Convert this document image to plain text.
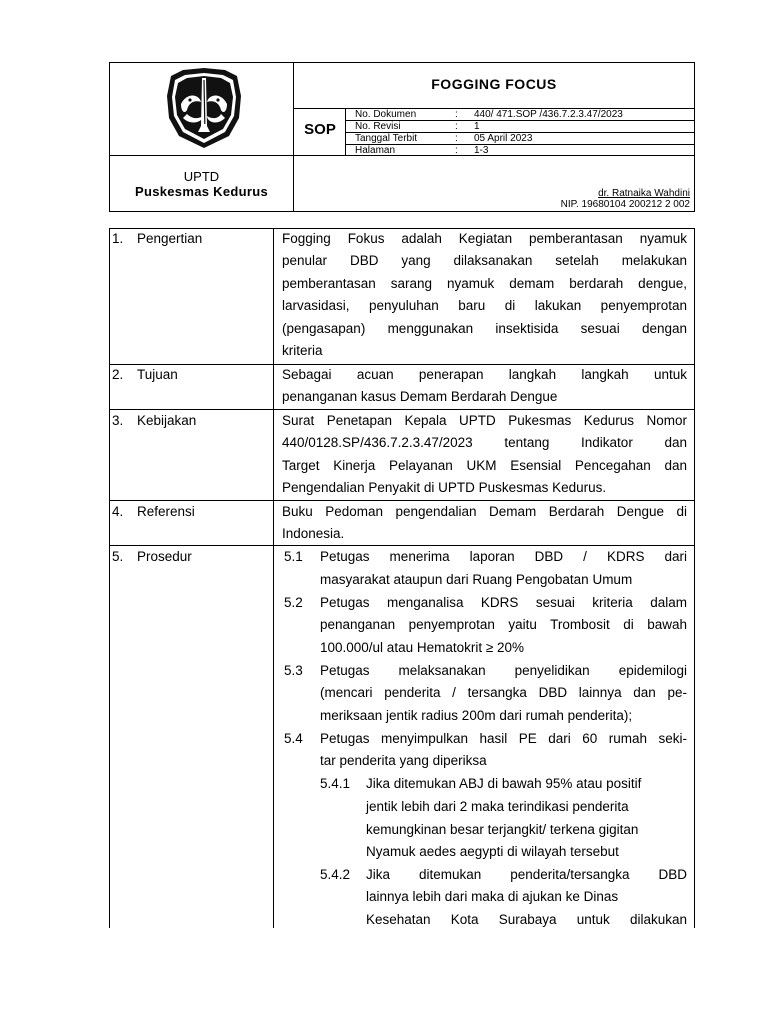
FOGGING FOCUS
SOP
No. Dokumen	: 440/ 471.SOP /436.7.2.3.47/2023
No. Revisi	: 1
Tanggal Terbit	: 05 April 2023
Halaman	: 1-3
UPTD
Puskesmas Kedurus	dr. Ratnaika Wahdini
NIP. 19680104 200212 2 002
1. Pengertian	Fogging Fokus adalah Kegiatan pemberantasan nyamuk
penular DBD yang dilaksanakan setelah melakukan
pemberantasan sarang nyamuk demam berdarah dengue,
larvasidasi, penyuluhan baru di lakukan penyemprotan
(pengasapan) menggunakan insektisida sesuai dengan
kriteria
2. Tujuan	Sebagai acuan penerapan langkah langkah untuk
penanganan kasus Demam Berdarah Dengue
3. Kebijakan	Surat Penetapan Kepala UPTD Pukesmas Kedurus Nomor
440/0128.SP/436.7.2.3.47/2023 tentang Indikator dan
Target Kinerja Pelayanan UKM Esensial Pencegahan dan
Pengendalian Penyakit di UPTD Puskesmas Kedurus.
4. Referensi	Buku Pedoman pengendalian Demam Berdarah Dengue di
Indonesia.
5. Prosedur	5.1 Petugas menerima laporan DBD / KDRS dari
masyarakat ataupun dari Ruang Pengobatan Umum
5.2 Petugas menganalisa KDRS sesuai kriteria dalam
penanganan penyemprotan yaitu Trombosit di bawah
100.000/ul atau Hematokrit ≥ 20%
5.3 Petugas melaksanakan penyelidikan epidemilogi
(mencari penderita / tersangka DBD lainnya dan pe-
meriksaan jentik radius 200m dari rumah penderita);
5.4 Petugas menyimpulkan hasil PE dari 60 rumah seki-
tar penderita yang diperiksa
5.4.1 Jika ditemukan ABJ di bawah 95% atau positif
jentik lebih dari 2 maka terindikasi penderita
kemungkinan besar terjangkit/ terkena gigitan
Nyamuk aedes aegypti di wilayah tersebut
5.4.2 Jika ditemukan penderita/tersangka DBD
lainnya lebih dari maka di ajukan ke Dinas
Kesehatan Kota Surabaya untuk dilakukan
